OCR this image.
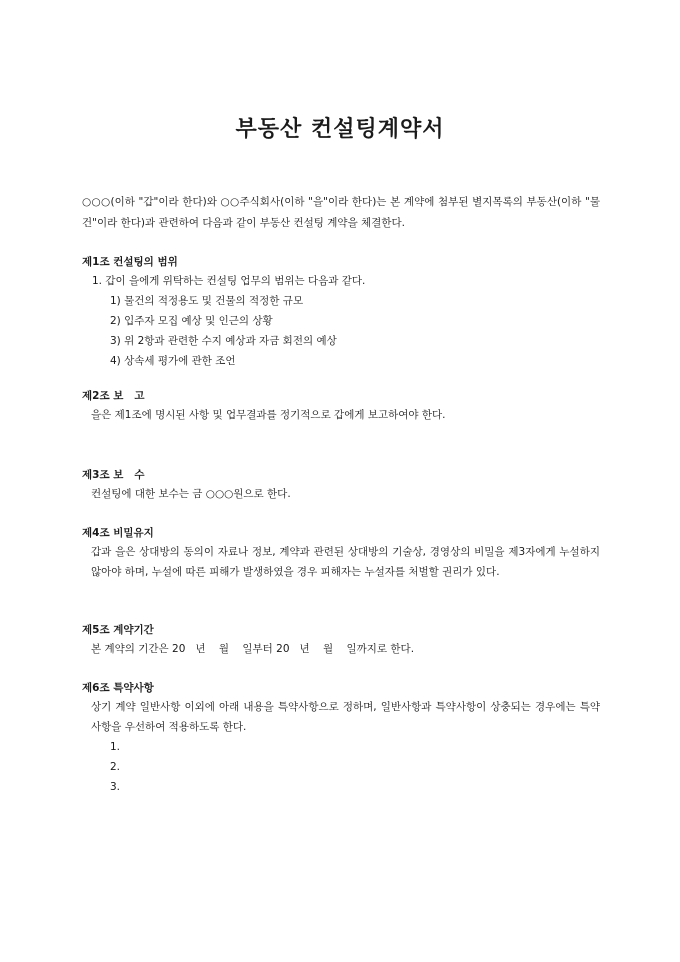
부동산 컨설팅계약서
○○○(이하 "갑"이라 한다)와 ○○주식회사(이하 "을"이라 한다)는 본 계약에 첨부된 별지목록의 부동산(이하 "물건"이라 한다)과 관련하여 다음과 같이 부동산 컨설팅 계약을 체결한다.
제1조 컨설팅의 범위
1. 갑이 을에게 위탁하는 컨설팅 업무의 범위는 다음과 같다.
1) 물건의 적정용도 및 건물의 적정한 규모
2) 입주자 모집 예상 및 인근의 상황
3) 위 2항과 관련한 수지 예상과 자금 회전의 예상
4) 상속세 평가에 관한 조언
제2조 보   고
을은 제1조에 명시된 사항 및 업무결과를 정기적으로 갑에게 보고하여야 한다.
제3조 보   수
컨설팅에 대한 보수는 금 ○○○원으로 한다.
제4조 비밀유지
갑과 을은 상대방의 동의이 자료나 정보, 계약과 관련된 상대방의 기술상, 경영상의 비밀을 제3자에게 누설하지 않아야 하며, 누설에 따른 피해가 발생하였을 경우 피해자는 누설자를 처벌할 권리가 있다.
제5조 계약기간
본 계약의 기간은 20   년    월    일부터 20   년    월    일까지로 한다.
제6조 특약사항
상기 계약 일반사항 이외에 아래 내용을 특약사항으로 정하며, 일반사항과 특약사항이 상충되는 경우에는 특약사항을 우선하여 적용하도록 한다.
1.
2.
3.
